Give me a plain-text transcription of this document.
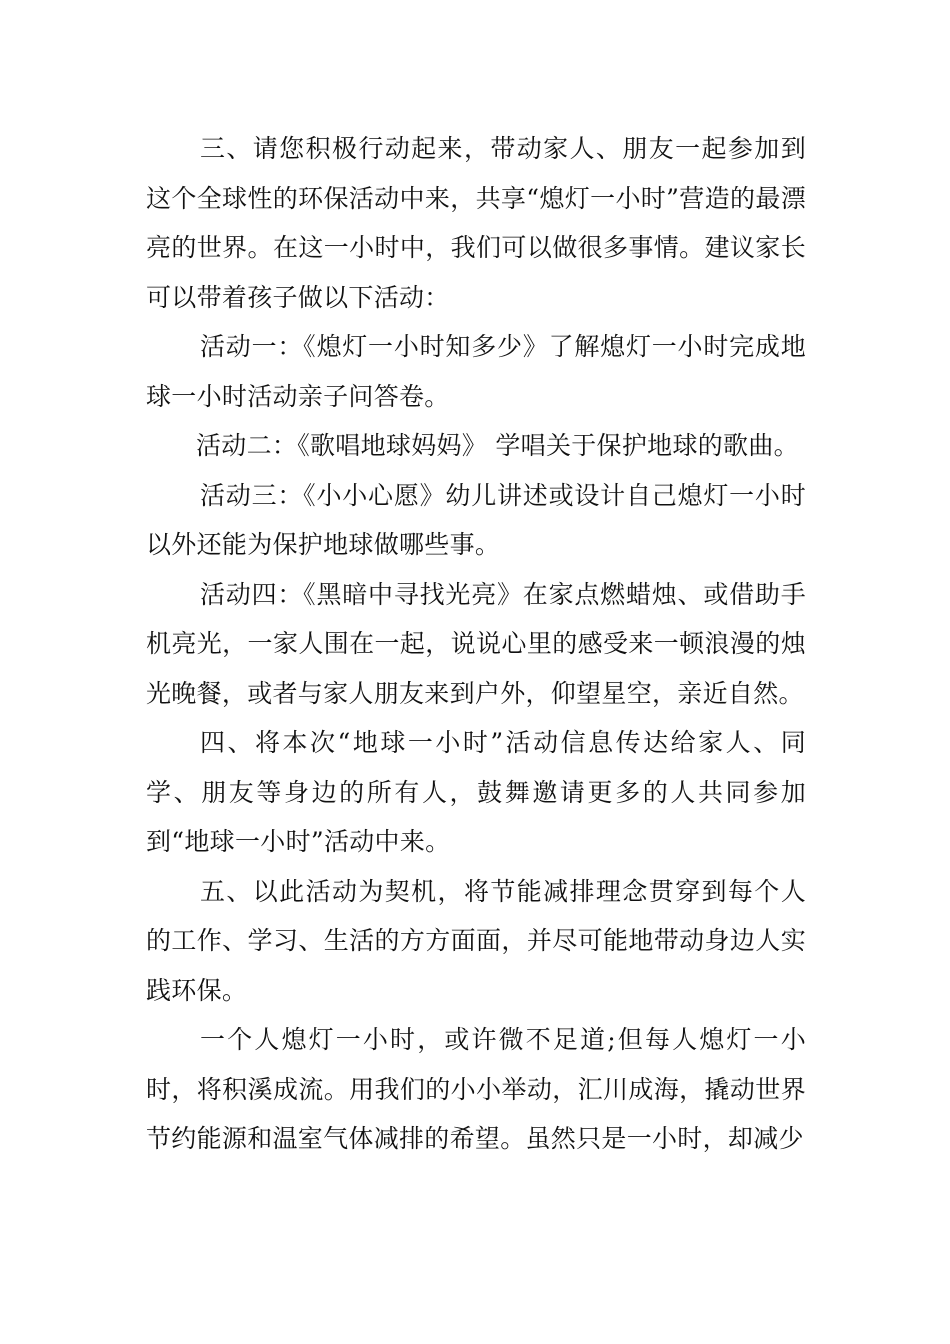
三、请您积极行动起来，带动家人、朋友一起参加到这个全球性的环保活动中来，共享“熄灯一小时”营造的最漂亮的世界。在这一小时中，我们可以做很多事情。建议家长可以带着孩子做以下活动：

活动一：《熄灯一小时知多少》了解熄灯一小时完成地球一小时活动亲子问答卷。

活动二：《歌唱地球妈妈》 学唱关于保护地球的歌曲。

活动三：《小小心愿》幼儿讲述或设计自己熄灯一小时以外还能为保护地球做哪些事。

活动四：《黑暗中寻找光亮》在家点燃蜡烛、或借助手机亮光，一家人围在一起，说说心里的感受来一顿浪漫的烛光晚餐，或者与家人朋友来到户外，仰望星空，亲近自然。

四、将本次“地球一小时”活动信息传达给家人、同学、朋友等身边的所有人，鼓舞邀请更多的人共同参加到“地球一小时”活动中来。

五、以此活动为契机，将节能减排理念贯穿到每个人的工作、学习、生活的方方面面，并尽可能地带动身边人实践环保。

一个人熄灯一小时，或许微不足道;但每人熄灯一小时，将积溪成流。用我们的小小举动，汇川成海，撬动世界节约能源和温室气体减排的希望。虽然只是一小时，却减少
